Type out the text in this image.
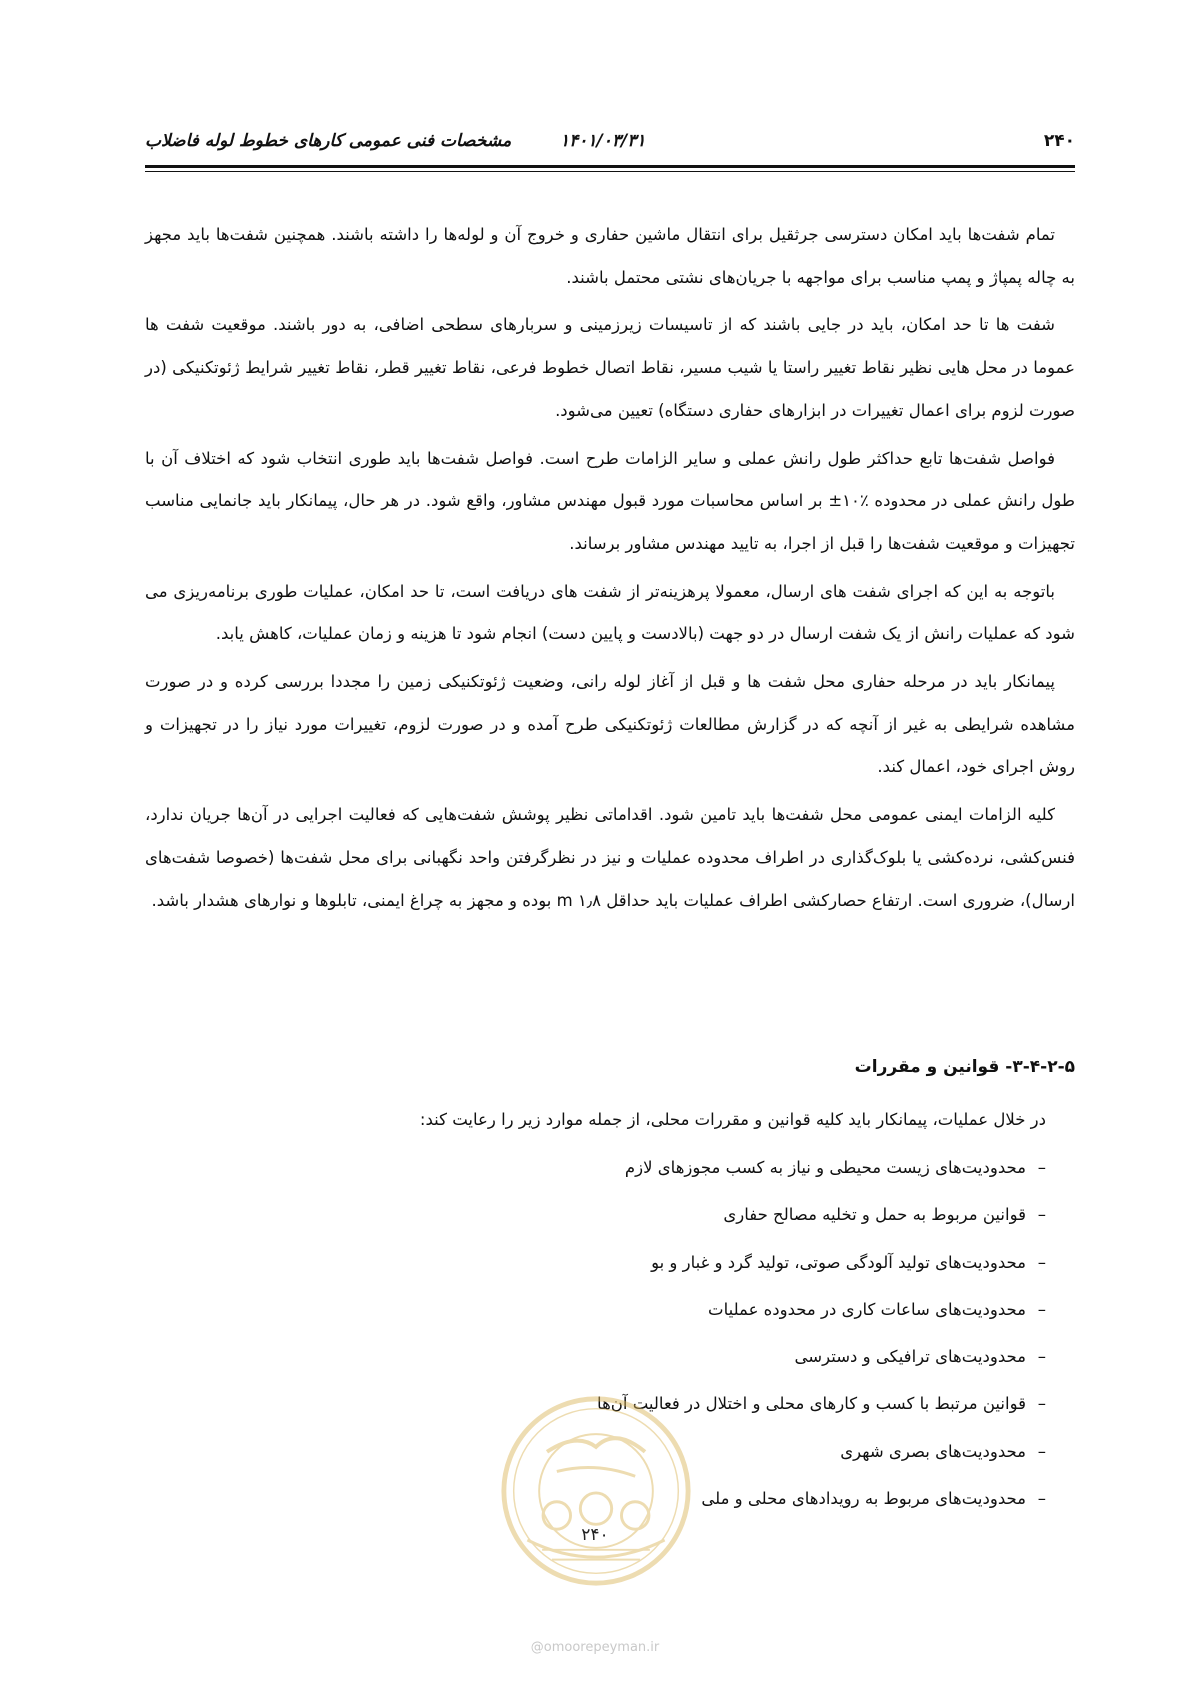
۲۴۰
۱۴۰۱/۰۳/۳۱
مشخصات فنی عمومی کارهای خطوط لوله فاضلاب

تمام شفت‌ها باید امکان دسترسی جرثقیل برای انتقال ماشین حفاری و خروج آن و لوله‌ها را داشته باشند. همچنین شفت‌ها باید مجهز به چاله پمپاژ و پمپ مناسب برای مواجهه با جریان‌های نشتی محتمل باشند.

شفت ها تا حد امکان، باید در جایی باشند که از تاسیسات زیرزمینی و سربارهای سطحی اضافی، به دور باشند. موقعیت شفت ها عموما در محل هایی نظیر نقاط تغییر راستا یا شیب مسیر، نقاط اتصال خطوط فرعی، نقاط تغییر قطر، نقاط تغییر شرایط ژئوتکنیکی (در صورت لزوم برای اعمال تغییرات در ابزارهای حفاری دستگاه) تعیین می‌شود.

فواصل شفت‌ها تابع حداکثر طول رانش عملی و سایر الزامات طرح است. فواصل شفت‌ها باید طوری انتخاب شود که اختلاف آن با طول رانش عملی در محدوده ٪۱۰± بر اساس محاسبات مورد قبول مهندس مشاور، واقع شود. در هر حال، پیمانکار باید جانمایی مناسب تجهیزات و موقعیت شفت‌ها را قبل از اجرا، به تایید مهندس مشاور برساند.

باتوجه به این که اجرای شفت های ارسال، معمولا پرهزینه‌تر از شفت های دریافت است، تا حد امکان، عملیات طوری برنامه‌ریزی می شود که عملیات رانش از یک شفت ارسال در دو جهت (بالادست و پایین دست) انجام شود تا هزینه و زمان عملیات، کاهش یابد.

پیمانکار باید در مرحله حفاری محل شفت ها و قبل از آغاز لوله رانی، وضعیت ژئوتکنیکی زمین را مجددا بررسی کرده و در صورت مشاهده شرایطی به غیر از آنچه که در گزارش مطالعات ژئوتکنیکی طرح آمده و در صورت لزوم، تغییرات مورد نیاز را در تجهیزات و روش اجرای خود، اعمال کند.

کلیه الزامات ایمنی عمومی محل شفت‌ها باید تامین شود. اقداماتی نظیر پوشش شفت‌هایی که فعالیت اجرایی در آن‌ها جریان ندارد، فنس‌کشی، نرده‌کشی یا بلوک‌گذاری در اطراف محدوده عملیات و نیز در نظرگرفتن واحد نگهبانی برای محل شفت‌ها (خصوصا شفت‌های ارسال)، ضروری است. ارتفاع حصارکشی اطراف عملیات باید حداقل ۱٫۸ m بوده و مجهز به چراغ ایمنی، تابلوها و نوارهای هشدار باشد.

۳-۴-۲-۵- قوانین و مقررات
در خلال عملیات، پیمانکار باید کلیه قوانین و مقررات محلی، از جمله موارد زیر را رعایت کند:
–
محدودیت‌های زیست محیطی و نیاز به کسب مجوزهای لازم
–
قوانین مربوط به حمل و تخلیه مصالح حفاری
–
محدودیت‌های تولید آلودگی صوتی، تولید گرد و غبار و بو
–
محدودیت‌های ساعات کاری در محدوده عملیات
–
محدودیت‌های ترافیکی و دسترسی
–
قوانین مرتبط با کسب و کارهای محلی و اختلال در فعالیت آن‌ها
–
محدودیت‌های بصری شهری
–
محدودیت‌های مربوط به رویدادهای محلی و ملی
۲۴۰
@omoorepeyman.ir
